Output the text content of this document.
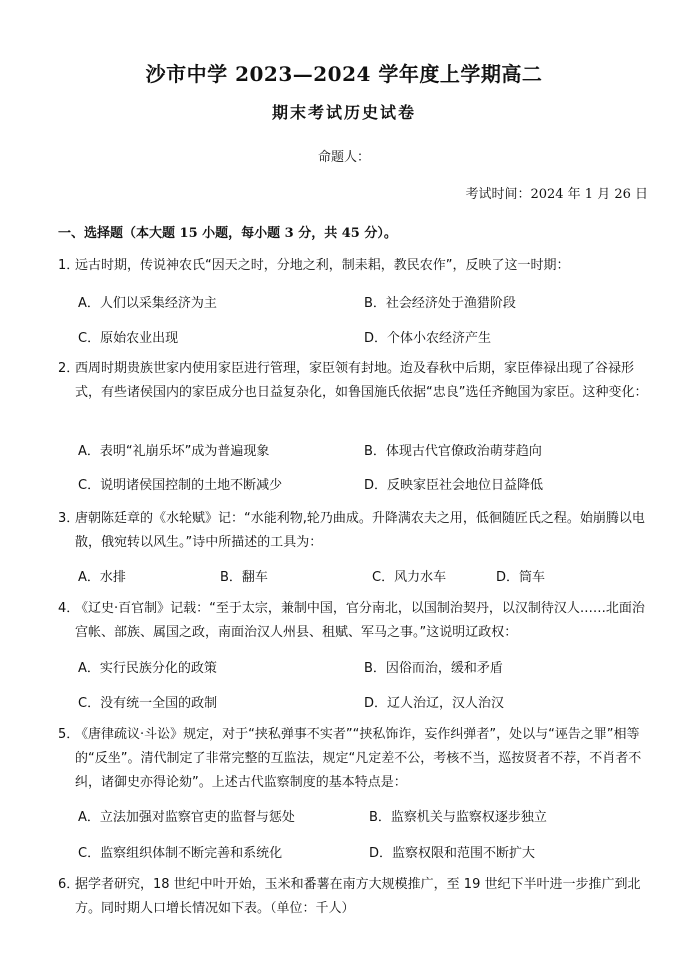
沙市中学 2023—2024 学年度上学期高二
期末考试历史试卷
命题人：
考试时间：2024 年 1 月 26 日
一、选择题（本大题 15 小题，每小题 3 分，共 45 分）。
1．
远古时期，传说神农氏“因天之时，分地之利，制耒耜，教民农作”，反映了这一时期：
A．人们以采集经济为主	B．社会经济处于渔猎阶段
C．原始农业出现	D．个体小农经济产生
2．
西周时期贵族世家内使用家臣进行管理，家臣领有封地。迨及春秋中后期，家臣俸禄出现了谷禄形式，有些诸侯国内的家臣成分也日益复杂化，如鲁国施氏依据“忠良”选任齐鲍国为家臣。这种变化：
A．表明“礼崩乐坏”成为普遍现象	B．体现古代官僚政治萌芽趋向
C．说明诸侯国控制的土地不断减少	D．反映家臣社会地位日益降低
3．
唐朝陈廷章的《水轮赋》记：“水能利物,轮乃曲成。升降满农夫之用，低徊随匠氏之程。始崩腾以电散，俄宛转以风生。”诗中所描述的工具为：
A．水排	B．翻车	C．风力水车	D．筒车
4．
《辽史·百官制》记载：“至于太宗，兼制中国，官分南北，以国制治契丹，以汉制待汉人……北面治宫帐、部族、属国之政，南面治汉人州县、租赋、军马之事。”这说明辽政权：
A．实行民族分化的政策	B．因俗而治，缓和矛盾
C．没有统一全国的政制	D．辽人治辽，汉人治汉
5．
《唐律疏议·斗讼》规定，对于“挟私弹事不实者”“挟私饰诈，妄作纠弹者”，处以与“诬告之罪”相等的“反坐”。清代制定了非常完整的互监法，规定“凡定差不公，考核不当，巡按贤者不荐，不肖者不纠，诸御史亦得论劾”。上述古代监察制度的基本特点是：
A．立法加强对监察官吏的监督与惩处	B．监察机关与监察权逐步独立
C．监察组织体制不断完善和系统化	D．监察权限和范围不断扩大
6．
据学者研究，18 世纪中叶开始，玉米和番薯在南方大规模推广，至 19 世纪下半叶进一步推广到北方。同时期人口增长情况如下表。（单位：千人）
